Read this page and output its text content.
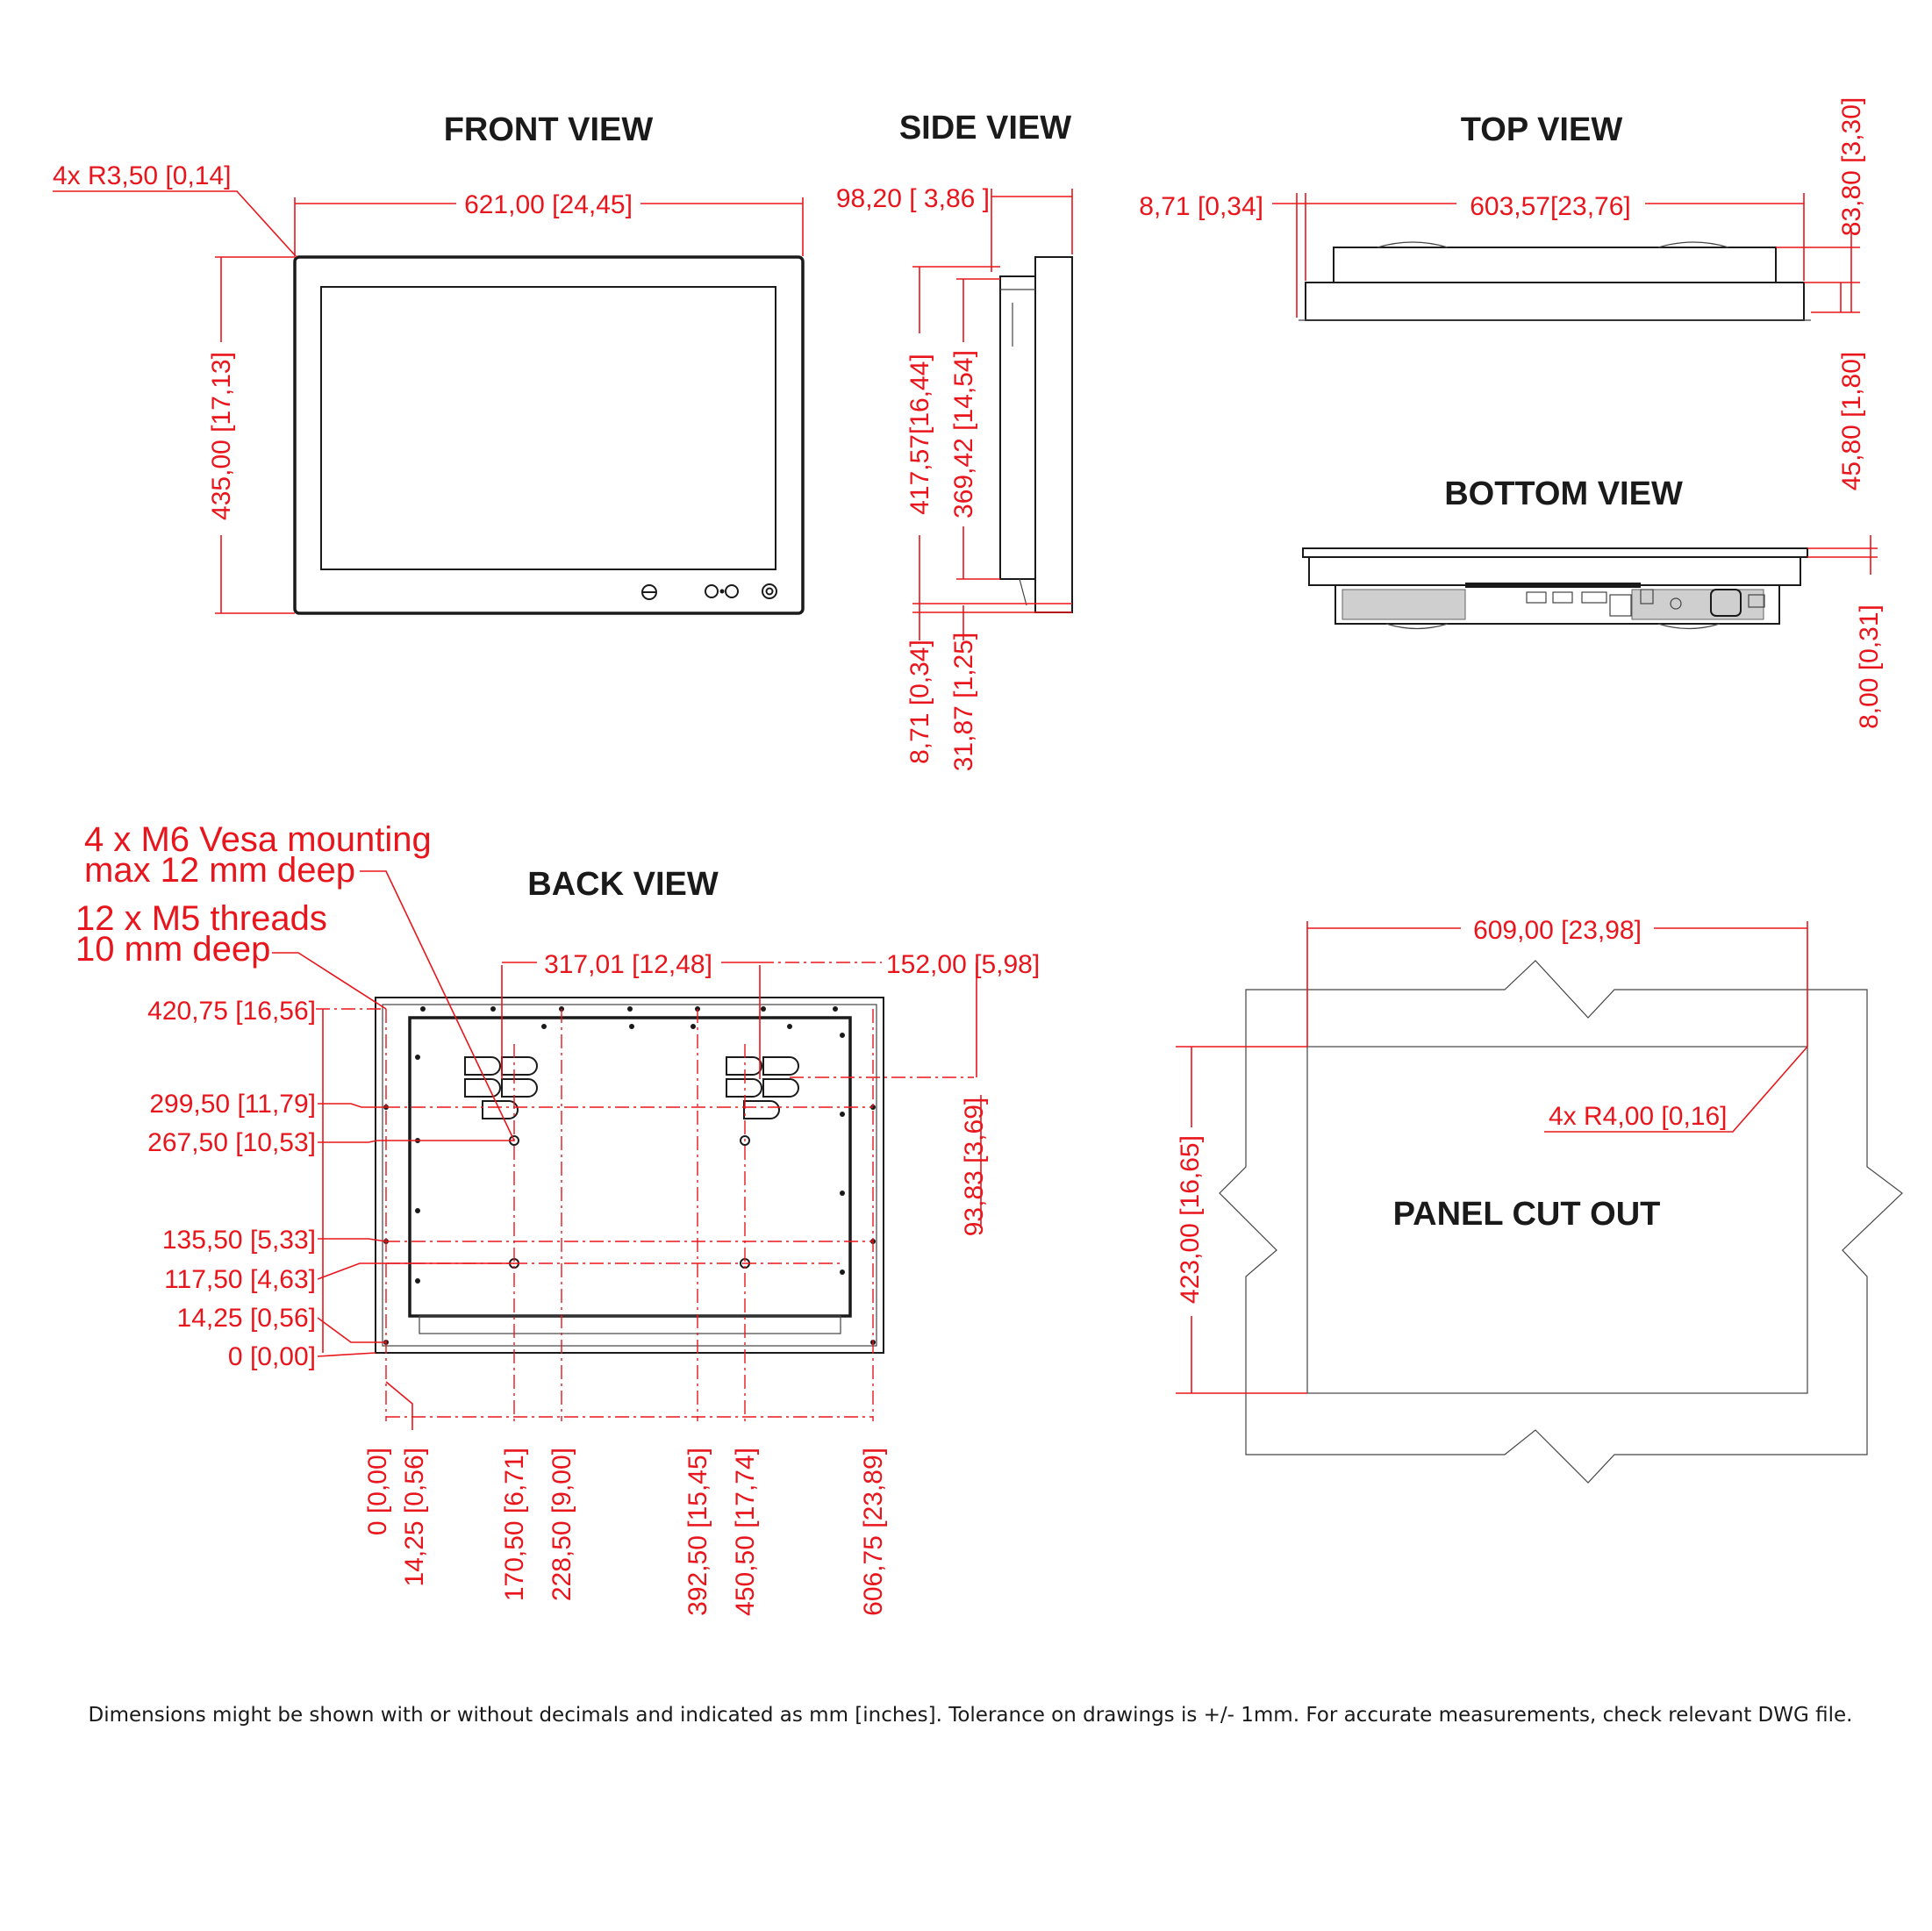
FRONT VIEW	SIDE VIEW	TOP VIEW
BOTTOM VIEW
BACK VIEW
PANEL CUT OUT
621,00 [24,45]
435,00 [17,13]
4x R3,50 [0,14]
98,20 [ 3,86 ]
417,57[16,44]
369,42 [14,54]
8,71 [0,34]
31,87 [1,25]
8,71 [0,34]	603,57[23,76]	83,80 [3,30]
45,80 [1,80]
8,00 [0,31]
317,01 [12,48]	152,00 [5,98]
93,83 [3,69]
420,75 [16,56]
299,50 [11,79]
267,50 [10,53]
135,50 [5,33]
117,50 [4,63]
14,25 [0,56]
0 [0,00]
0 [0,00]
14,25 [0,56]
170,50 [6,71]
228,50 [9,00]
392,50 [15,45]
450,50 [17,74]
606,75 [23,89]
4 x M6 Vesa mounting
max 12 mm deep
12 x M5 threads
10 mm deep	609,00 [23,98]
423,00 [16,65]
4x R4,00 [0,16]
Dimensions might be shown with or without decimals and indicated as mm [inches]. Tolerance on drawings is +/- 1mm. For accurate measurements, check relevant DWG file.
